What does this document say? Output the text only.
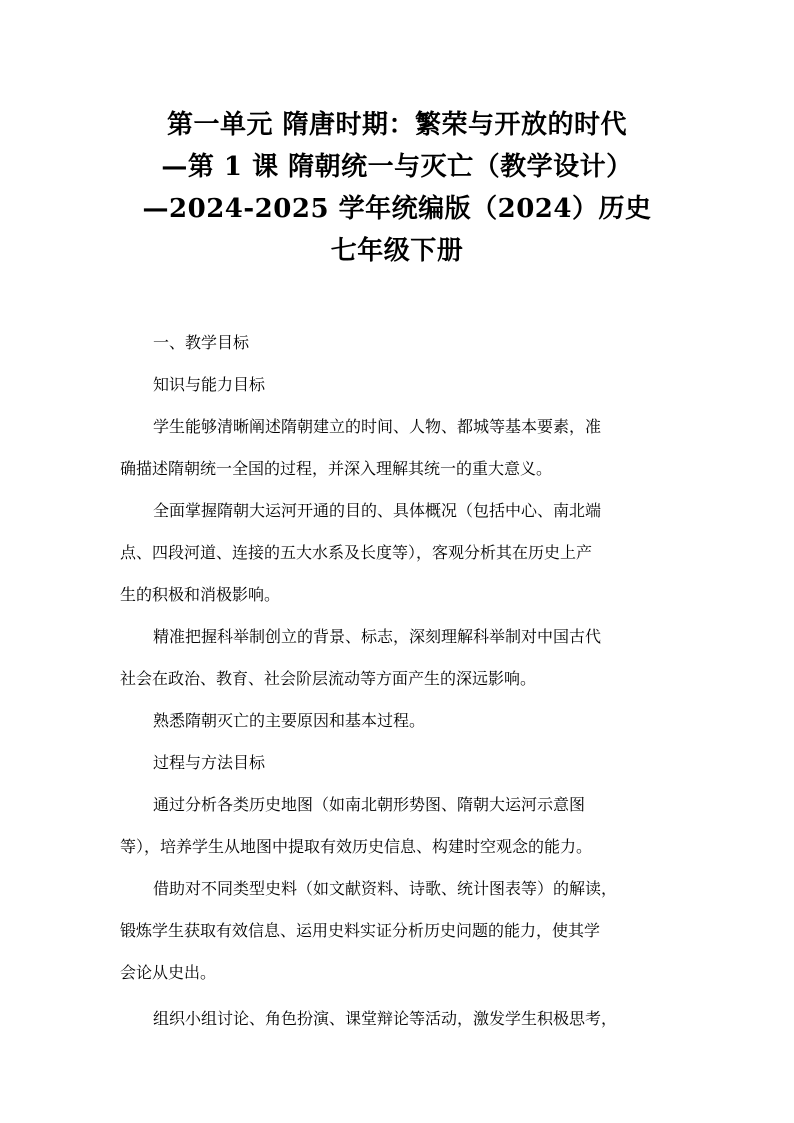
第一单元 隋唐时期：繁荣与开放的时代
—第 1 课 隋朝统一与灭亡（教学设计）
—2024-2025 学年统编版（2024）历史
七年级下册

一、教学目标

知识与能力目标

学生能够清晰阐述隋朝建立的时间、人物、都城等基本要素，准
确描述隋朝统一全国的过程，并深入理解其统一的重大意义。

全面掌握隋朝大运河开通的目的、具体概况（包括中心、南北端
点、四段河道、连接的五大水系及长度等），客观分析其在历史上产
生的积极和消极影响。

精准把握科举制创立的背景、标志，深刻理解科举制对中国古代
社会在政治、教育、社会阶层流动等方面产生的深远影响。

熟悉隋朝灭亡的主要原因和基本过程。

过程与方法目标

通过分析各类历史地图（如南北朝形势图、隋朝大运河示意图
等），培养学生从地图中提取有效历史信息、构建时空观念的能力。

借助对不同类型史料（如文献资料、诗歌、统计图表等）的解读，
锻炼学生获取有效信息、运用史料实证分析历史问题的能力，使其学
会论从史出。

组织小组讨论、角色扮演、课堂辩论等活动，激发学生积极思考，
